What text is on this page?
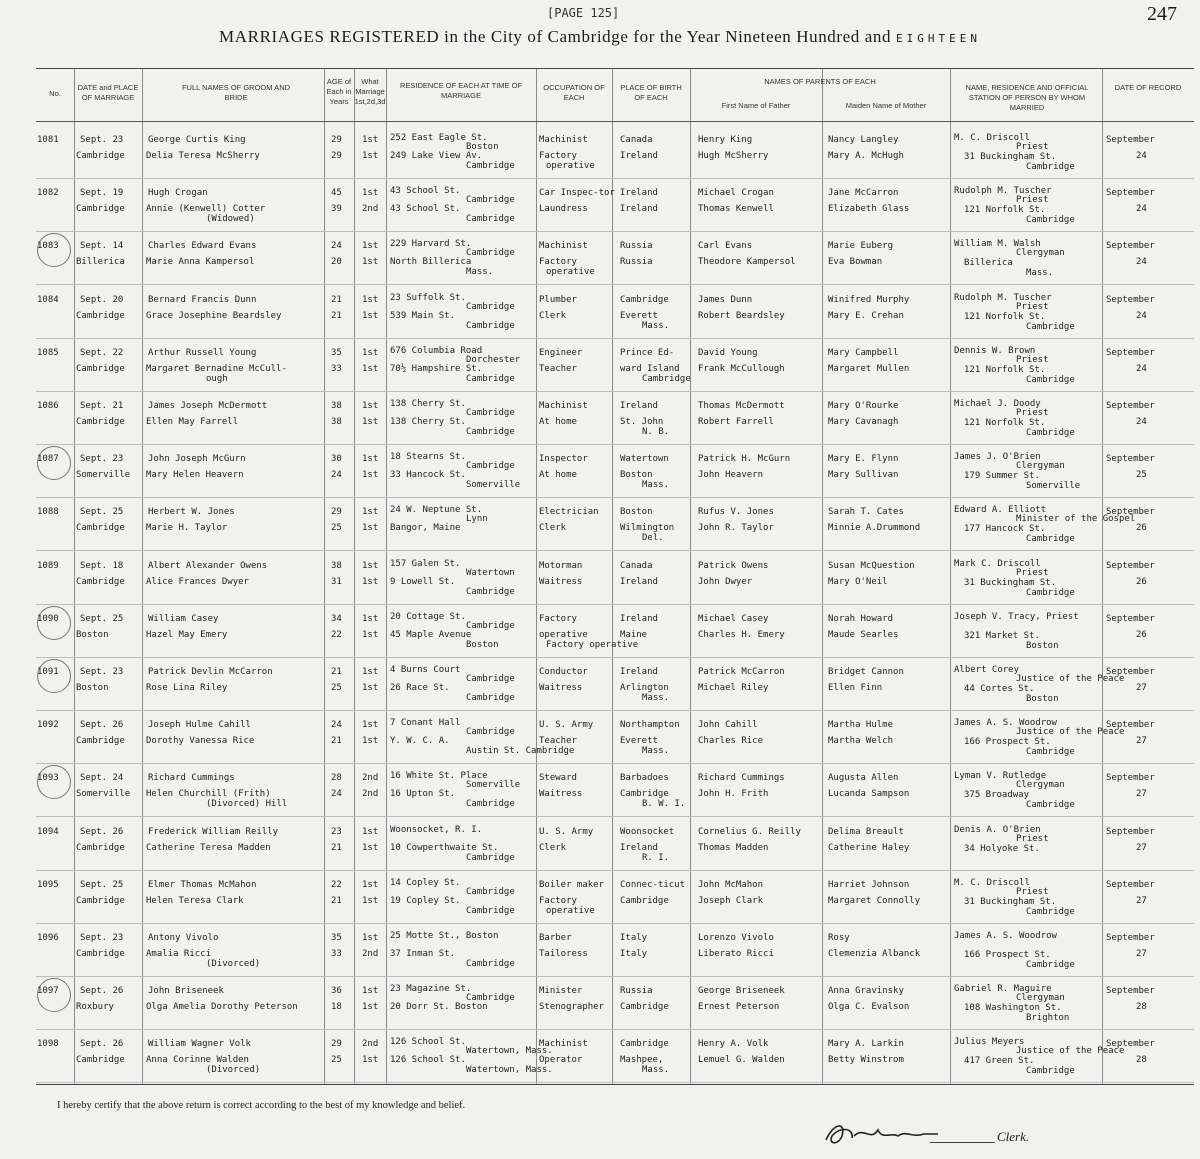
[PAGE 125]	247
MARRIAGES REGISTERED in the City of Cambridge for the Year Nineteen Hundred and EIGHTEEN
No.
DATE and PLACE OF MARRIAGE
FULL NAMES OF GROOM AND BRIDE
AGE of Each in Years
What Marriage 1st,2d,3d
RESIDENCE OF EACH AT TIME OF MARRIAGE
OCCUPATION OF EACH
PLACE OF BIRTH OF EACH
NAMES OF PARENTS OF EACH
First Name of Father	Maiden Name of Mother
NAME, RESIDENCE AND OFFICIAL STATION OF PERSON BY WHOM MARRIED
DATE OF RECORD
1081 Sept. 23
Cambridge
George Curtis King
Delia Teresa McSherry
29
29
1st
1st
252 East Eagle St.
Boston
249 Lake View Av.
Cambridge
Machinist
Factory
operative
Canada
Ireland
Henry King
Hugh McSherry
Nancy Langley
Mary A. McHugh
M. C. Driscoll
Priest
31 Buckingham St.
Cambridge
September
24
1082 Sept. 19
Cambridge
Hugh Crogan
Annie (Kenwell) Cotter
(Widowed)
45
39
1st
2nd
43 School St.
Cambridge
43 School St.
Cambridge
Car Inspec-tor
Laundress
Ireland
Ireland
Michael Crogan
Thomas Kenwell
Jane McCarron
Elizabeth Glass
Rudolph M. Tuscher
Priest
121 Norfolk St.
Cambridge
September
24
1083 Sept. 14
Billerica
Charles Edward Evans
Marie Anna Kampersol
24
20
1st
1st
229 Harvard St.
Cambridge
North Billerica
Mass.
Machinist
Factory
operative
Russia
Russia
Carl Evans
Theodore Kampersol
Marie Euberg
Eva Bowman
William M. Walsh
Clergyman
Billerica
Mass.
September
24
1084 Sept. 20
Cambridge
Bernard Francis Dunn
Grace Josephine Beardsley
21
21
1st
1st
23 Suffolk St.
Cambridge
539 Main St.
Cambridge
Plumber
Clerk
Cambridge
Everett
Mass.
James Dunn
Robert Beardsley
Winifred Murphy
Mary E. Crehan
Rudolph M. Tuscher
Priest
121 Norfolk St.
Cambridge
September
24
1085 Sept. 22
Cambridge
Arthur Russell Young
Margaret Bernadine McCull-
ough
35
33
1st
1st
676 Columbia Road
Dorchester
70½ Hampshire St.
Cambridge
Engineer
Teacher
Prince Ed-
ward Island
Cambridge
David Young
Frank McCullough
Mary Campbell
Margaret Mullen
Dennis W. Brown
Priest
121 Norfolk St.
Cambridge
September
24
1086 Sept. 21
Cambridge
James Joseph McDermott
Ellen May Farrell
38
38
1st
1st
138 Cherry St.
Cambridge
138 Cherry St.
Cambridge
Machinist
At home
Ireland
St. John
N. B.
Thomas McDermott
Robert Farrell
Mary O'Rourke
Mary Cavanagh
Michael J. Doody
Priest
121 Norfolk St.
Cambridge
September
24
1087 Sept. 23
Somerville
John Joseph McGurn
Mary Helen Heavern
30
24
1st
1st
18 Stearns St.
Cambridge
33 Hancock St.
Somerville
Inspector
At home
Watertown
Boston
Mass.
Patrick H. McGurn
John Heavern
Mary E. Flynn
Mary Sullivan
James J. O'Brien
Clergyman
179 Summer St.
Somerville
September
25
1088 Sept. 25
Cambridge
Herbert W. Jones
Marie H. Taylor
29
25
1st
1st
24 W. Neptune St.
Lynn
Bangor, Maine
Electrician
Clerk
Boston
Wilmington
Del.
Rufus V. Jones
John R. Taylor
Sarah T. Cates
Minnie A.Drummond
Edward A. Elliott
Minister of the Gospel
177 Hancock St.
Cambridge
September
26
1089 Sept. 18
Cambridge
Albert Alexander Owens
Alice Frances Dwyer
38
31
1st
1st
157 Galen St.
Watertown
9 Lowell St.
Cambridge
Motorman
Waitress
Canada
Ireland
Patrick Owens
John Dwyer
Susan McQuestion
Mary O'Neil
Mark C. Driscoll
Priest
31 Buckingham St.
Cambridge
September
26
1090 Sept. 25
Boston
William Casey
Hazel May Emery
34
22
1st
1st
20 Cottage St.
Cambridge
45 Maple Avenue
Boston
Factory
operative
Factory operative
Ireland
Maine
Michael Casey
Charles H. Emery
Norah Howard
Maude Searles
Joseph V. Tracy, Priest
321 Market St.
Boston
September
26
1091 Sept. 23
Boston
Patrick Devlin McCarron
Rose Lina Riley
21
25
1st
1st
4 Burns Court
Cambridge
26 Race St.
Cambridge
Conductor
Waitress
Ireland
Arlington
Mass.
Patrick McCarron
Michael Riley
Bridget Cannon
Ellen Finn
Albert Corey
Justice of the Peace
44 Cortes St.
Boston
September
27
1092 Sept. 26
Cambridge
Joseph Hulme Cahill
Dorothy Vanessa Rice
24
21
1st
1st
7 Conant Hall
Cambridge
Y. W. C. A.
Austin St. Cambridge
U. S. Army
Teacher
Northampton
Everett
Mass.
John Cahill
Charles Rice
Martha Hulme
Martha Welch
James A. S. Woodrow
Justice of the Peace
166 Prospect St.
Cambridge
September
27
1093 Sept. 24
Somerville
Richard Cummings
Helen Churchill (Frith)
(Divorced) Hill
28
24
2nd
2nd
16 White St. Place
Somerville
16 Upton St.
Cambridge
Steward
Waitress
Barbadoes
Cambridge
B. W. I.
Richard Cummings
John H. Frith
Augusta Allen
Lucanda Sampson
Lyman V. Rutledge
Clergyman
375 Broadway
Cambridge
September
27
1094 Sept. 26
Cambridge
Frederick William Reilly
Catherine Teresa Madden
23
21
1st
1st
Woonsocket, R. I.
10 Cowperthwaite St.
Cambridge
U. S. Army
Clerk
Woonsocket
Ireland
R. I.
Cornelius G. Reilly
Thomas Madden
Delima Breault
Catherine Haley
Denis A. O'Brien
Priest
34 Holyoke St.
September
27
1095 Sept. 25
Cambridge
Elmer Thomas McMahon
Helen Teresa Clark
22
21
1st
1st
14 Copley St.
Cambridge
19 Copley St.
Cambridge
Boiler maker
Factory
operative
Connec-ticut
Cambridge
John McMahon
Joseph Clark
Harriet Johnson
Margaret Connolly
M. C. Driscoll
Priest
31 Buckingham St.
Cambridge
September
27
1096 Sept. 23
Cambridge
Antony Vivolo
Amalia Ricci
(Divorced)
35
33
1st
2nd
25 Motte St., Boston
37 Inman St.
Cambridge
Barber
Tailoress
Italy
Italy
Lorenzo Vivolo
Liberato Ricci
Rosy
Clemenzia Albanck
James A. S. Woodrow
166 Prospect St.
Cambridge
September
27
1097 Sept. 26
Roxbury
John Briseneek
Olga Amelia Dorothy Peterson
36
18
1st
1st
23 Magazine St.
Cambridge
20 Dorr St. Boston
Minister
Stenographer
Russia
Cambridge
George Briseneek
Ernest Peterson
Anna Gravinsky
Olga C. Evalson
Gabriel R. Maguire
Clergyman
108 Washington St.
Brighton
September
28
1098 Sept. 26
Cambridge
William Wagner Volk
Anna Corinne Walden
(Divorced)
29
25
2nd
1st
126 School St.
Watertown, Mass.
126 School St.
Watertown, Mass.
Machinist
Operator
Cambridge
Mashpee,
Mass.
Henry A. Volk
Lemuel G. Walden
Mary A. Larkin
Betty Winstrom
Julius Meyers
Justice of the Peace
417 Green St.
Cambridge
September
28
I hereby certify that the above return is correct according to the best of my knowledge and belief.
Clerk.
